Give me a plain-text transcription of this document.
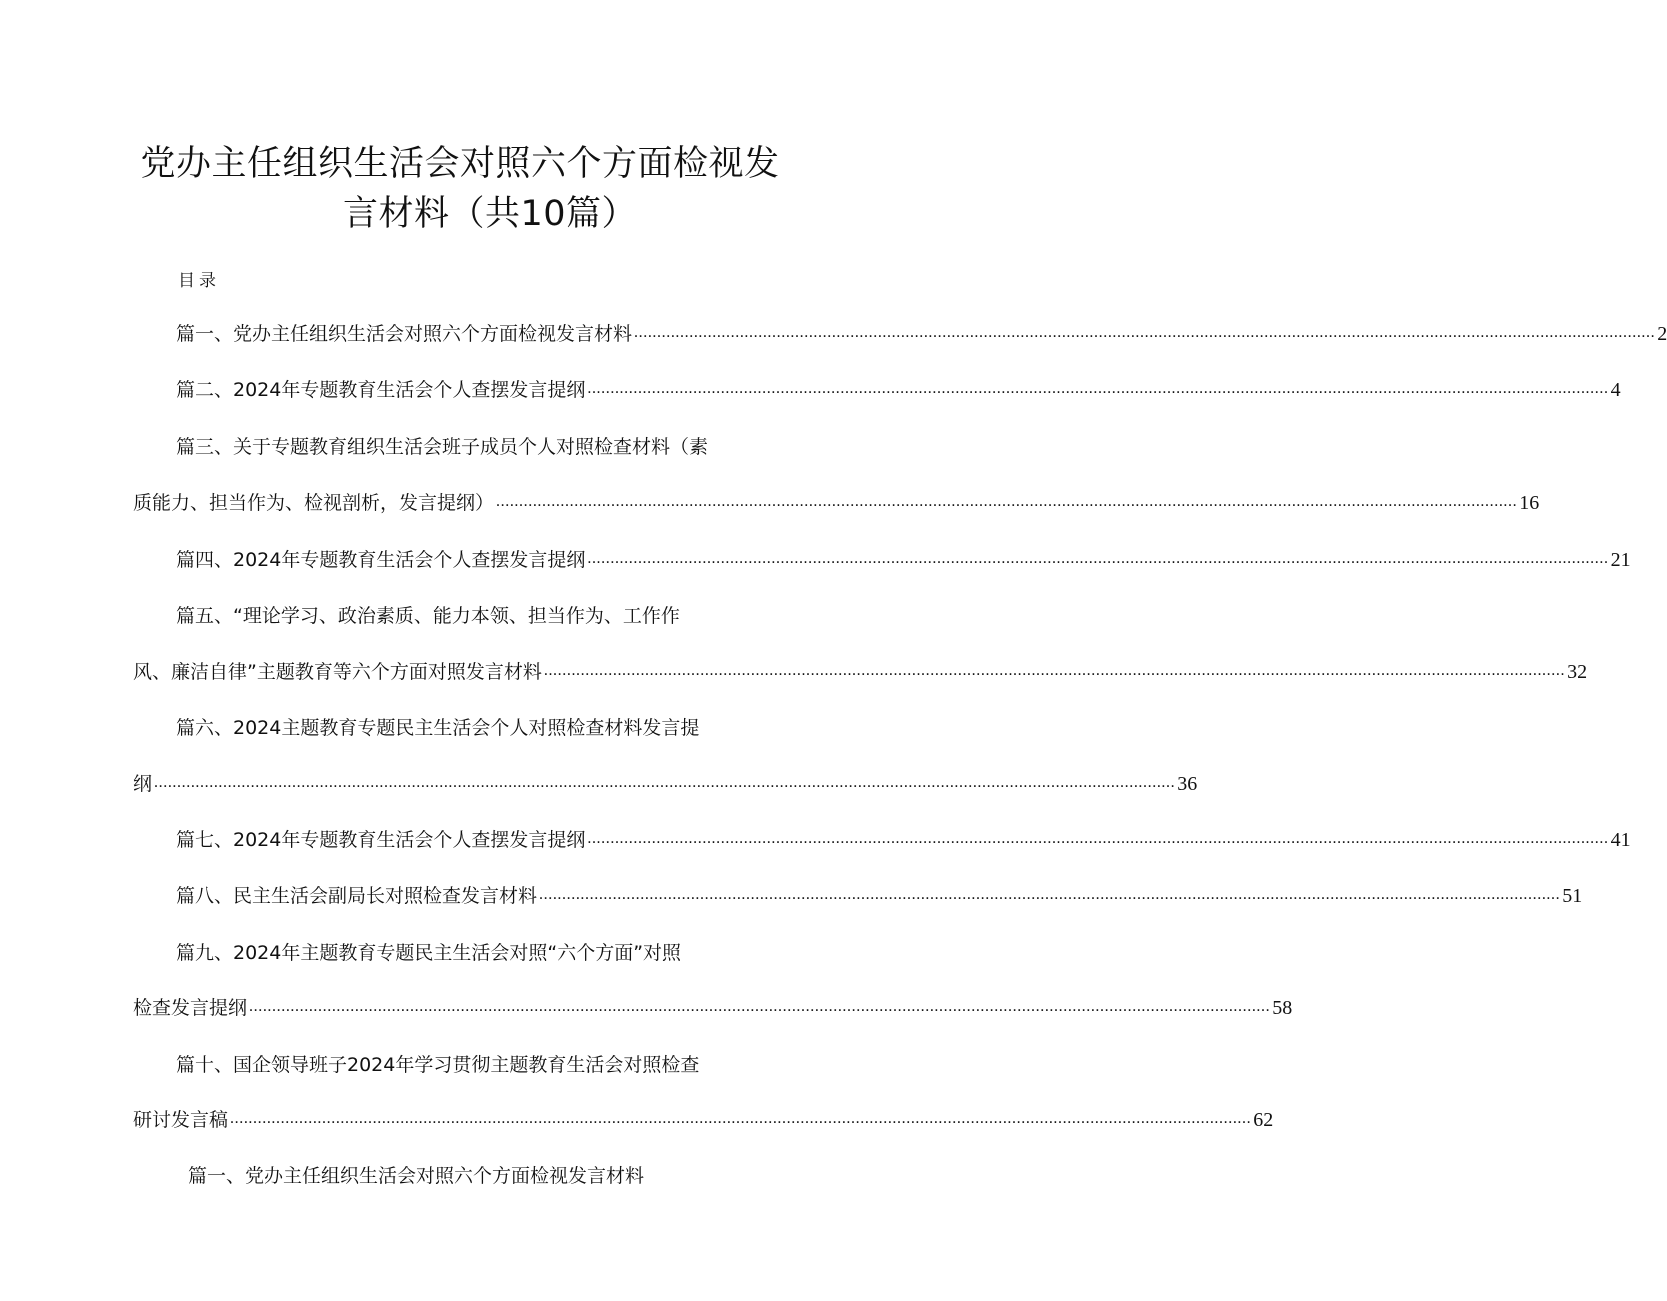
党办主任组织生活会对照六个方面检视发
言材料（共10篇）
目录
篇一、党办主任组织生活会对照六个方面检视发言材料 .............................................................................................................................................................................................................................. 2
篇二、2024年专题教育生活会个人查摆发言提纲 .............................................................................................................................................................................................................................. 4
篇三、关于专题教育组织生活会班子成员个人对照检查材料（素
质能力、担当作为、检视剖析，发言提纲） .............................................................................................................................................................................................................................. 16
篇四、2024年专题教育生活会个人查摆发言提纲 .............................................................................................................................................................................................................................. 21
篇五、“理论学习、政治素质、能力本领、担当作为、工作作
风、廉洁自律”主题教育等六个方面对照发言材料 .............................................................................................................................................................................................................................. 32
篇六、2024主题教育专题民主生活会个人对照检查材料发言提
纲 .............................................................................................................................................................................................................................. 36
篇七、2024年专题教育生活会个人查摆发言提纲 .............................................................................................................................................................................................................................. 41
篇八、民主生活会副局长对照检查发言材料 .............................................................................................................................................................................................................................. 51
篇九、2024年主题教育专题民主生活会对照“六个方面”对照
检查发言提纲 .............................................................................................................................................................................................................................. 58
篇十、国企领导班子2024年学习贯彻主题教育生活会对照检查
研讨发言稿 .............................................................................................................................................................................................................................. 62
篇一、党办主任组织生活会对照六个方面检视发言材料
